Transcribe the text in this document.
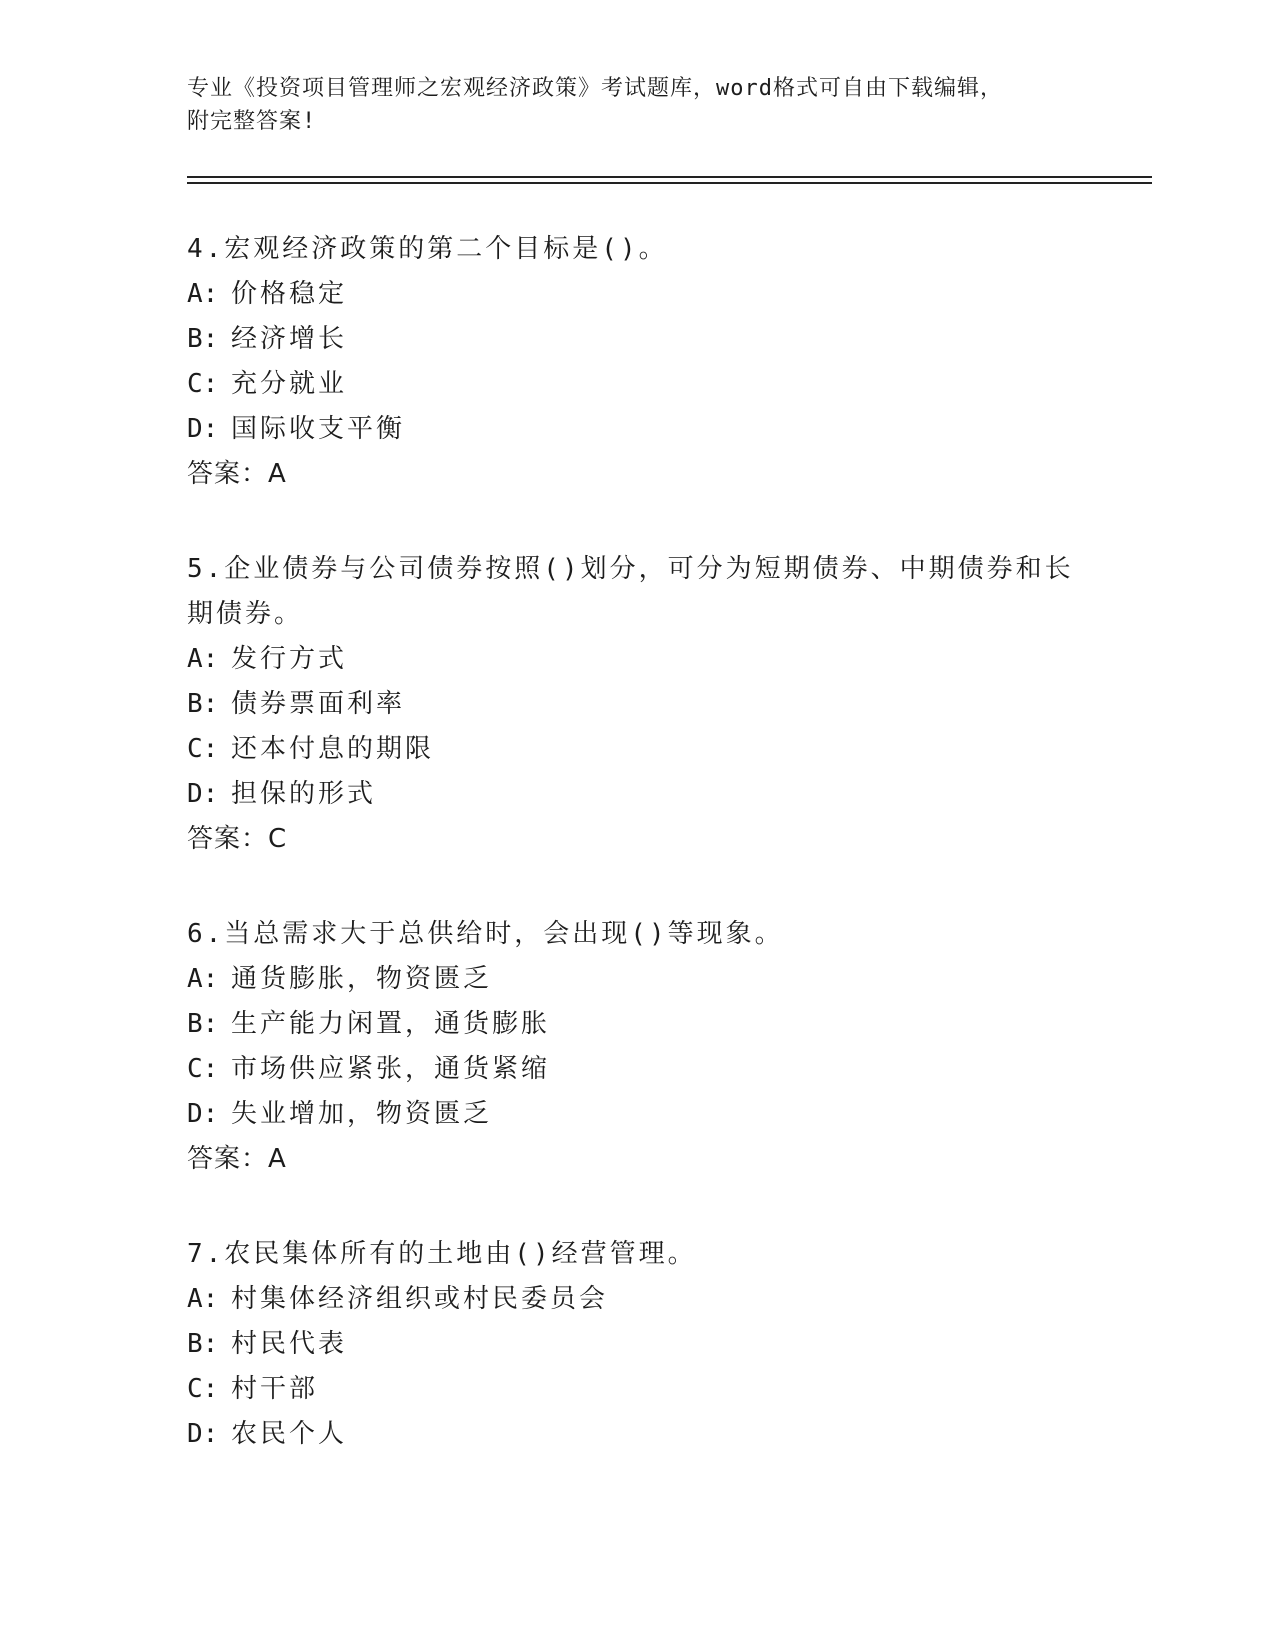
专业《投资项目管理师之宏观经济政策》考试题库，word格式可自由下载编辑，
附完整答案!
4.宏观经济政策的第二个目标是()。
A: 价格稳定
B: 经济增长
C: 充分就业
D: 国际收支平衡
答案：A
5.企业债券与公司债券按照()划分，可分为短期债券、中期债券和长
期债券。
A: 发行方式
B: 债券票面利率
C: 还本付息的期限
D: 担保的形式
答案：C
6.当总需求大于总供给时，会出现()等现象。
A: 通货膨胀，物资匮乏
B: 生产能力闲置，通货膨胀
C: 市场供应紧张，通货紧缩
D: 失业增加，物资匮乏
答案：A
7.农民集体所有的土地由()经营管理。
A: 村集体经济组织或村民委员会
B: 村民代表
C: 村干部
D: 农民个人
